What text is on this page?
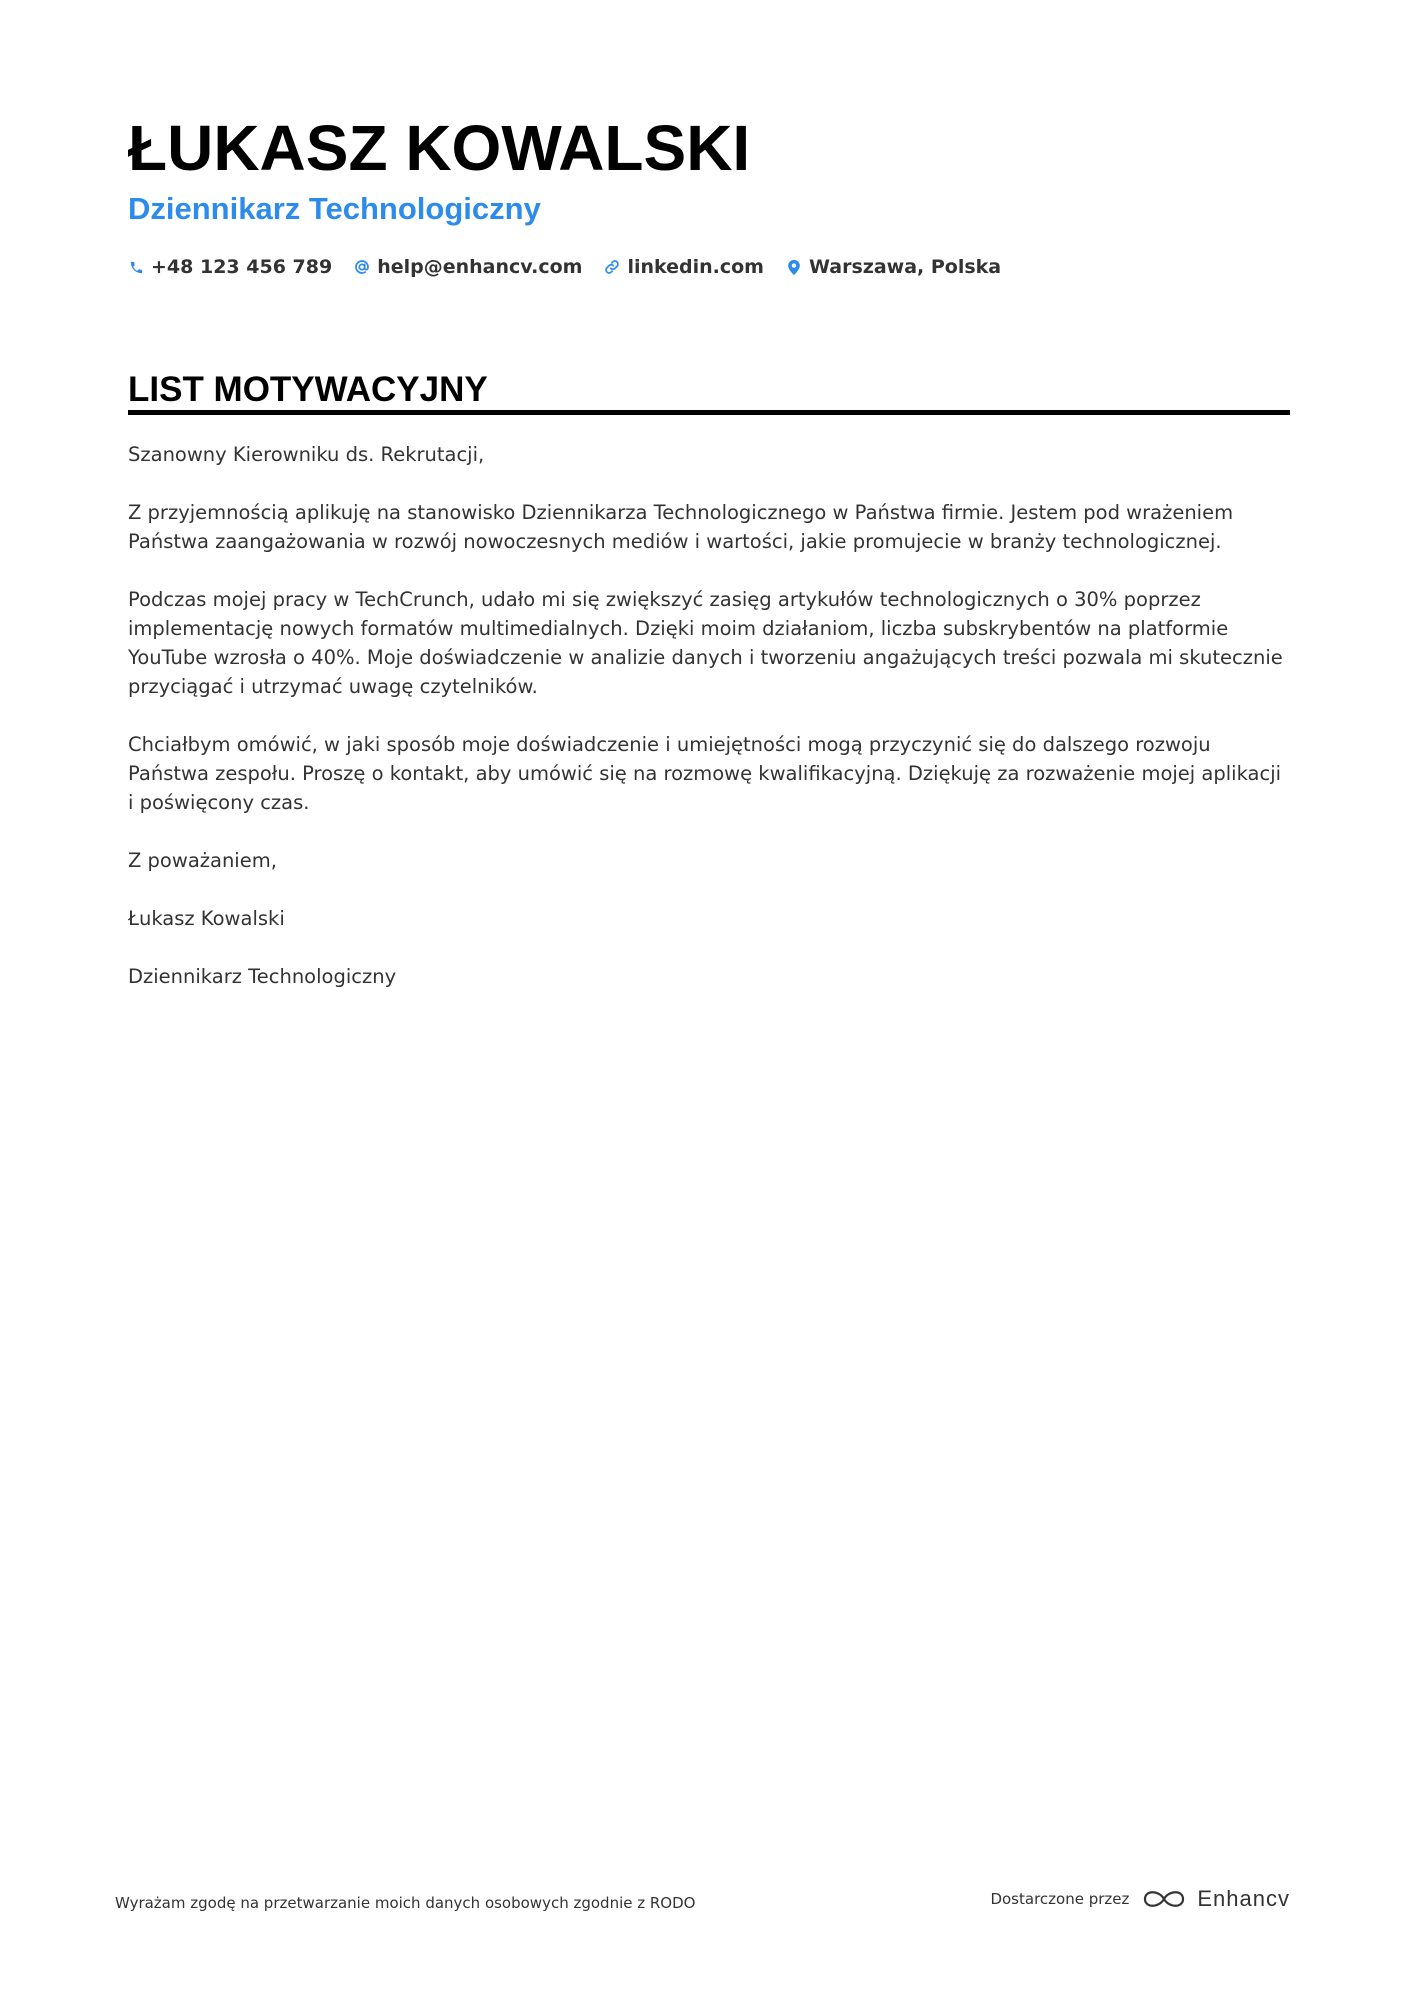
ŁUKASZ KOWALSKI
Dziennikarz Technologiczny
+48 123 456 789 help@enhancv.com linkedin.com Warszawa, Polska
LIST MOTYWACYJNY

Szanowny Kierowniku ds. Rekrutacji,

Z przyjemnością aplikuję na stanowisko Dziennikarza Technologicznego w Państwa firmie. Jestem pod wrażeniem Państwa zaangażowania w rozwój nowoczesnych mediów i wartości, jakie promujecie w branży technologicznej.

Podczas mojej pracy w TechCrunch, udało mi się zwiększyć zasięg artykułów technologicznych o 30% poprzez implementację nowych formatów multimedialnych. Dzięki moim działaniom, liczba subskrybentów na platformie YouTube wzrosła o 40%. Moje doświadczenie w analizie danych i tworzeniu angażujących treści pozwala mi skutecznie przyciągać i utrzymać uwagę czytelników.

Chciałbym omówić, w jaki sposób moje doświadczenie i umiejętności mogą przyczynić się do dalszego rozwoju Państwa zespołu. Proszę o kontakt, aby umówić się na rozmowę kwalifikacyjną. Dziękuję za rozważenie mojej aplikacji i poświęcony czas.

Z poważaniem,

Łukasz Kowalski

Dziennikarz Technologiczny

Wyrażam zgodę na przetwarzanie moich danych osobowych zgodnie z RODO	Dostarczone przez	Enhancv
